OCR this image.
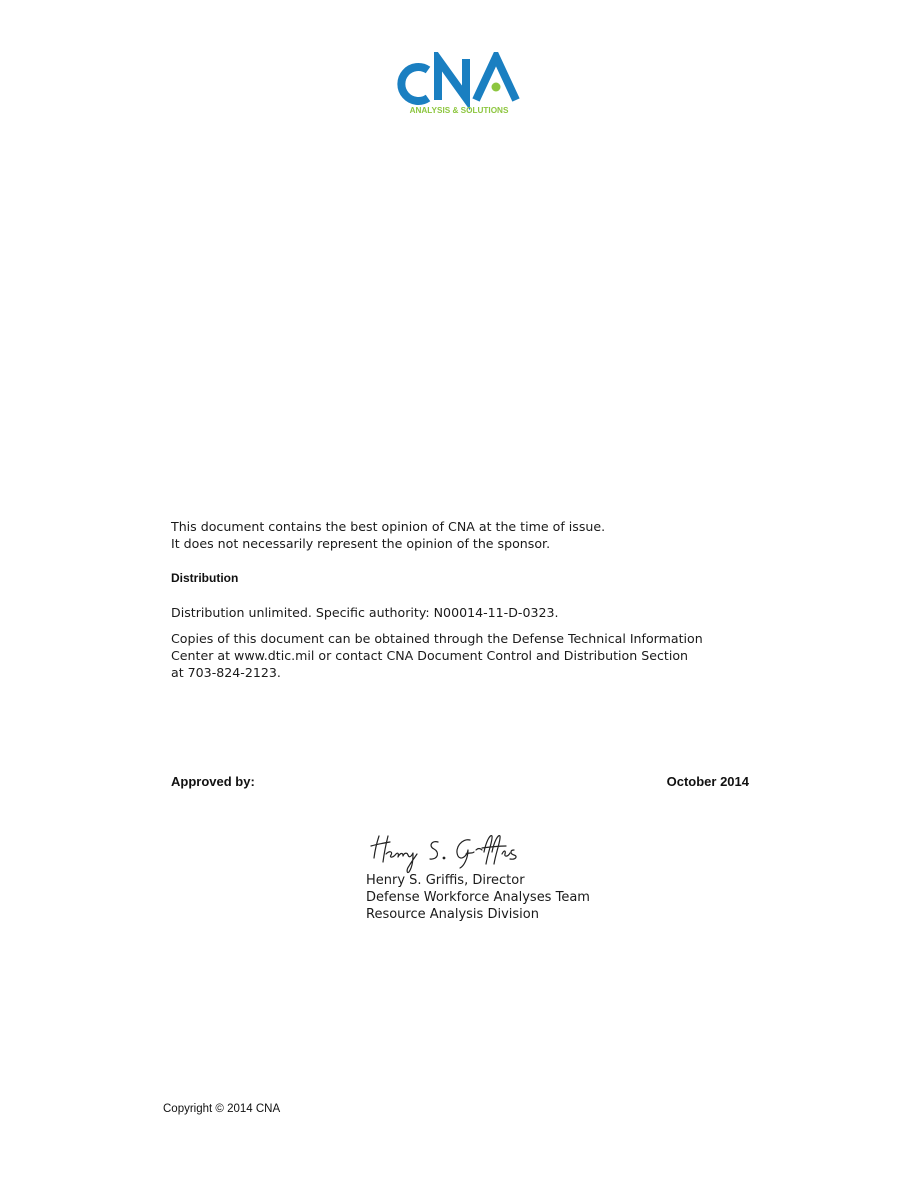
ANALYSIS & SOLUTIONS
This document contains the best opinion of CNA at the time of issue.
It does not necessarily represent the opinion of the sponsor.
Distribution
Distribution unlimited. Specific authority: N00014-11-D-0323.
Copies of this document can be obtained through the Defense Technical Information
Center at www.dtic.mil or contact CNA Document Control and Distribution Section
at 703-824-2123.
Approved by:	October 2014
Henry S. Griffis, Director
Defense Workforce Analyses Team
Resource Analysis Division
Copyright © 2014 CNA
